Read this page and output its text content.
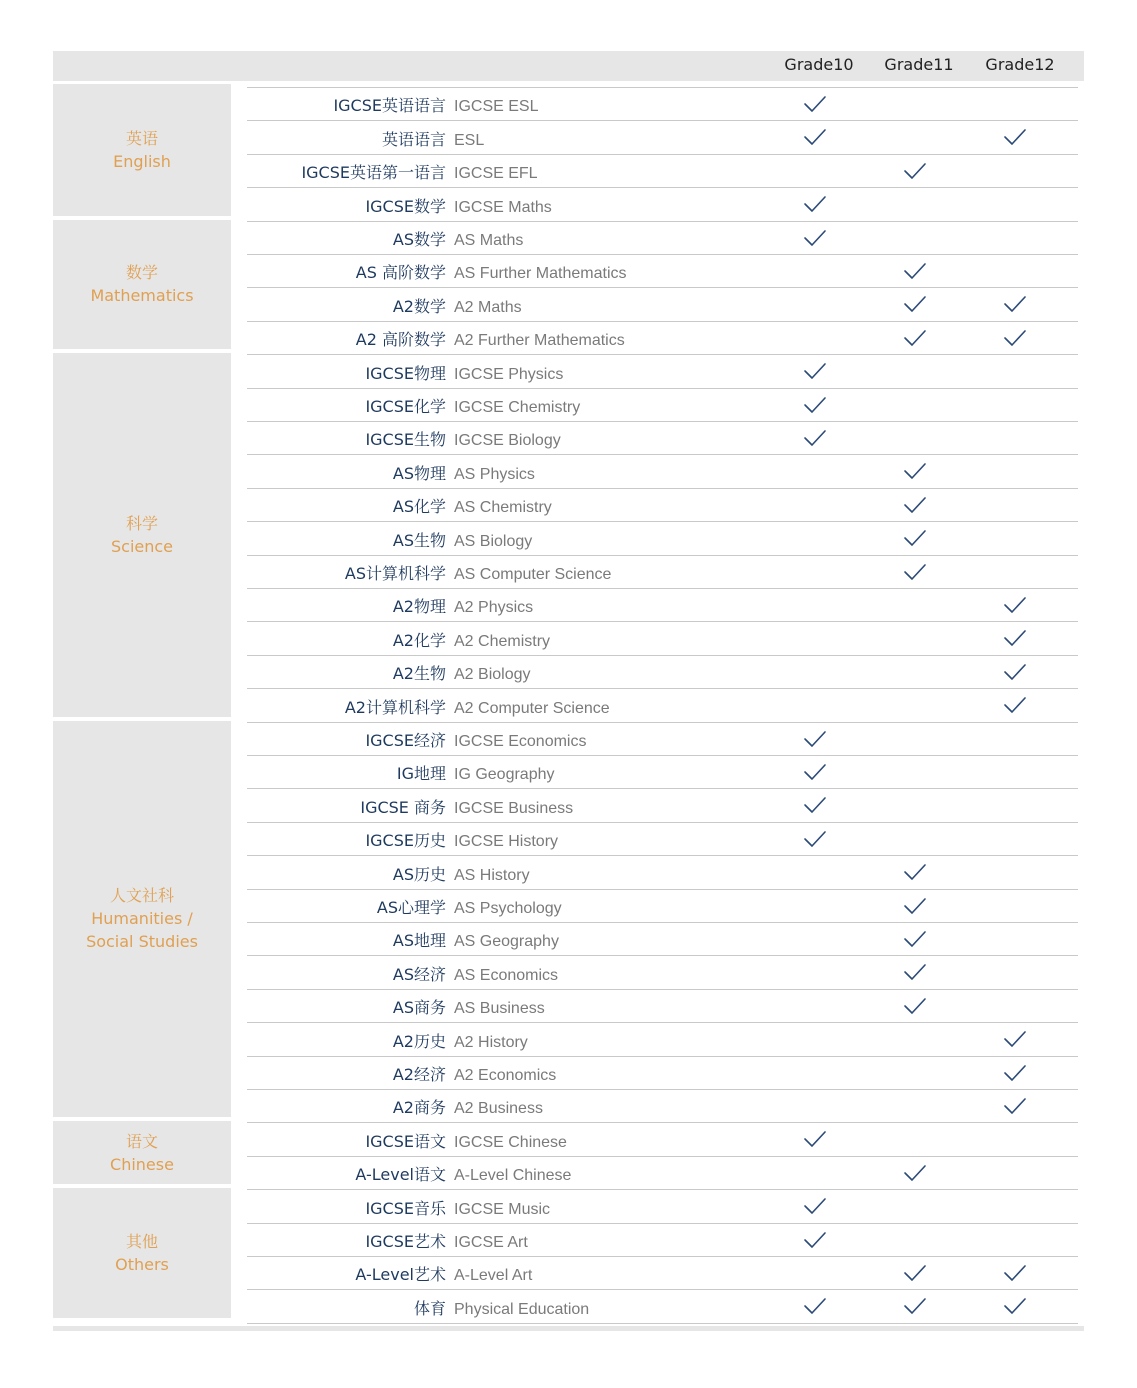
Grade10	Grade11	Grade12
英语
English
数学
Mathematics
科学
Science
人文社科
Humanities /
Social Studies
语文
Chinese
其他
Others
IGCSE英语语言 IGCSE ESL
英语语言 ESL
IGCSE英语第一语言 IGCSE EFL
IGCSE数学 IGCSE Maths
AS数学 AS Maths
AS 高阶数学 AS Further Mathematics
A2数学 A2 Maths
A2 高阶数学 A2 Further Mathematics
IGCSE物理 IGCSE Physics
IGCSE化学 IGCSE Chemistry
IGCSE生物 IGCSE Biology
AS物理 AS Physics
AS化学 AS Chemistry
AS生物 AS Biology
AS计算机科学 AS Computer Science
A2物理 A2 Physics
A2化学 A2 Chemistry
A2生物 A2 Biology
A2计算机科学 A2 Computer Science
IGCSE经济 IGCSE Economics
IG地理 IG Geography
IGCSE 商务 IGCSE Business
IGCSE历史 IGCSE History
AS历史 AS History
AS心理学 AS Psychology
AS地理 AS Geography
AS经济 AS Economics
AS商务 AS Business
A2历史 A2 History
A2经济 A2 Economics
A2商务 A2 Business
IGCSE语文 IGCSE Chinese
A-Level语文 A-Level Chinese
IGCSE音乐 IGCSE Music
IGCSE艺术 IGCSE Art
A-Level艺术 A-Level Art
体育 Physical Education
